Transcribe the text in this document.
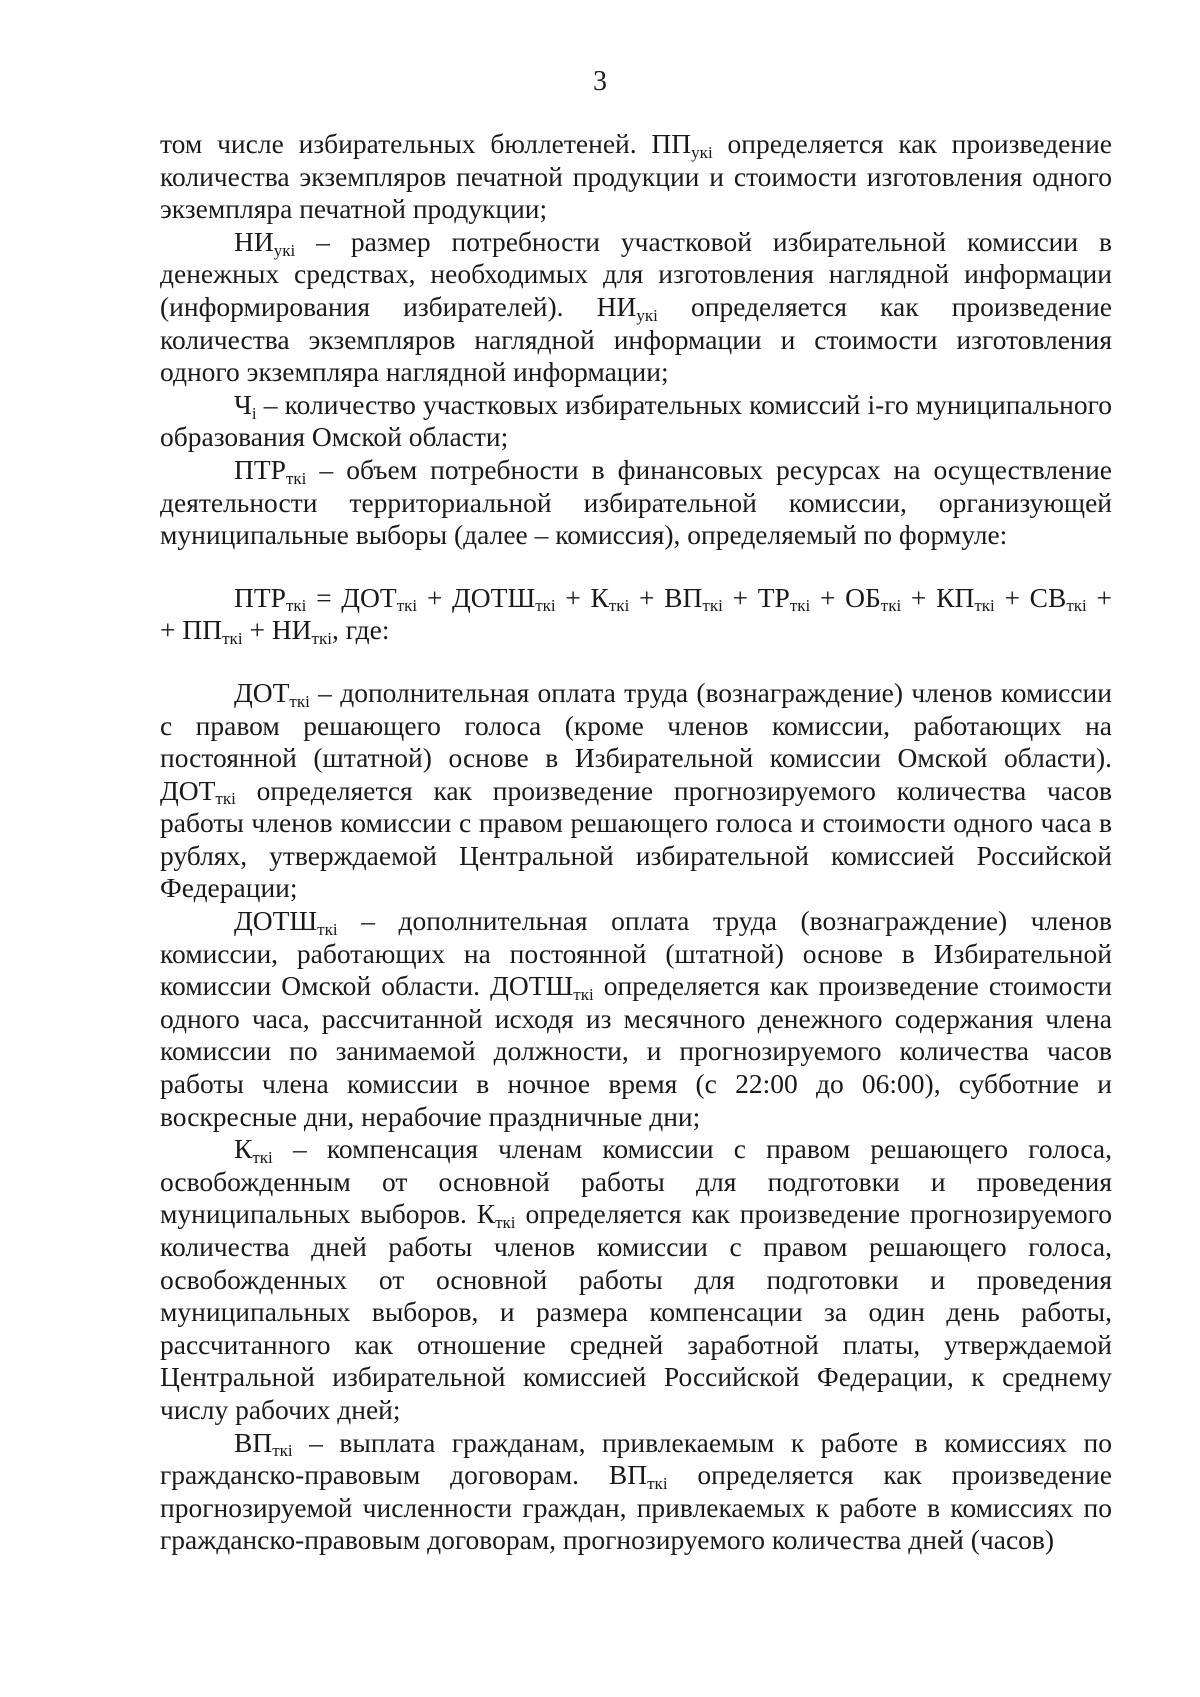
3

том числе избирательных бюллетеней. $ПП_{укi}$ определяется как произведение количества экземпляров печатной продукции и стоимости изготовления одного экземпляра печатной продукции;

$НИ_{укi}$ – размер потребности участковой избирательной комиссии в денежных средствах, необходимых для изготовления наглядной информации (информирования избирателей). $НИ_{укi}$ определяется как произведение количества экземпляров наглядной информации и стоимости изготовления одного экземпляра наглядной информации;

$Ч_i$ – количество участковых избирательных комиссий i-го муниципального образования Омской области;

$ПТР_{ткi}$ – объем потребности в финансовых ресурсах на осуществление деятельности территориальной избирательной комиссии, организующей муниципальные выборы (далее – комиссия), определяемый по формуле:

$ПТР_{ткi} = ДОТ_{ткi}$ + $ДОТШ_{ткi} + К_{ткi} + ВП_{ткi} + ТР_{ткi} + ОБ_{ткi} + КП_{ткi} + СВ_{ткi}$ +
+ $ПП_{ткi} + НИ_{ткi}$, где:

$ДОТ_{ткi}$ – дополнительная оплата труда (вознаграждение) членов комиссии с правом решающего голоса (кроме членов комиссии, работающих на постоянной (штатной) основе в Избирательной комиссии Омской области). $ДОТ_{ткi}$ определяется как произведение прогнозируемого количества часов работы членов комиссии с правом решающего голоса и стоимости одного часа в рублях, утверждаемой Центральной избирательной комиссией Российской Федерации;

$ДОТШ_{ткi}$ – дополнительная оплата труда (вознаграждение) членов комиссии, работающих на постоянной (штатной) основе в Избирательной комиссии Омской области. $ДОТШ_{ткi}$ определяется как произведение стоимости одного часа, рассчитанной исходя из месячного денежного содержания члена комиссии по занимаемой должности, и прогнозируемого количества часов работы члена комиссии в ночное время (с 22:00 до 06:00), субботние и воскресные дни, нерабочие праздничные дни;

$К_{ткi}$ – компенсация членам комиссии с правом решающего голоса, освобожденным от основной работы для подготовки и проведения муниципальных выборов. $К_{ткi}$ определяется как произведение прогнозируемого количества дней работы членов комиссии с правом решающего голоса, освобожденных от основной работы для подготовки и проведения муниципальных выборов, и размера компенсации за один день работы, рассчитанного как отношение средней заработной платы, утверждаемой Центральной избирательной комиссией Российской Федерации, к среднему числу рабочих дней;

$ВП_{ткi}$ – выплата гражданам, привлекаемым к работе в комиссиях по гражданско-правовым договорам. $ВП_{ткi}$ определяется как произведение прогнозируемой численности граждан, привлекаемых к работе в комиссиях по гражданско-правовым договорам, прогнозируемого количества дней (часов)
